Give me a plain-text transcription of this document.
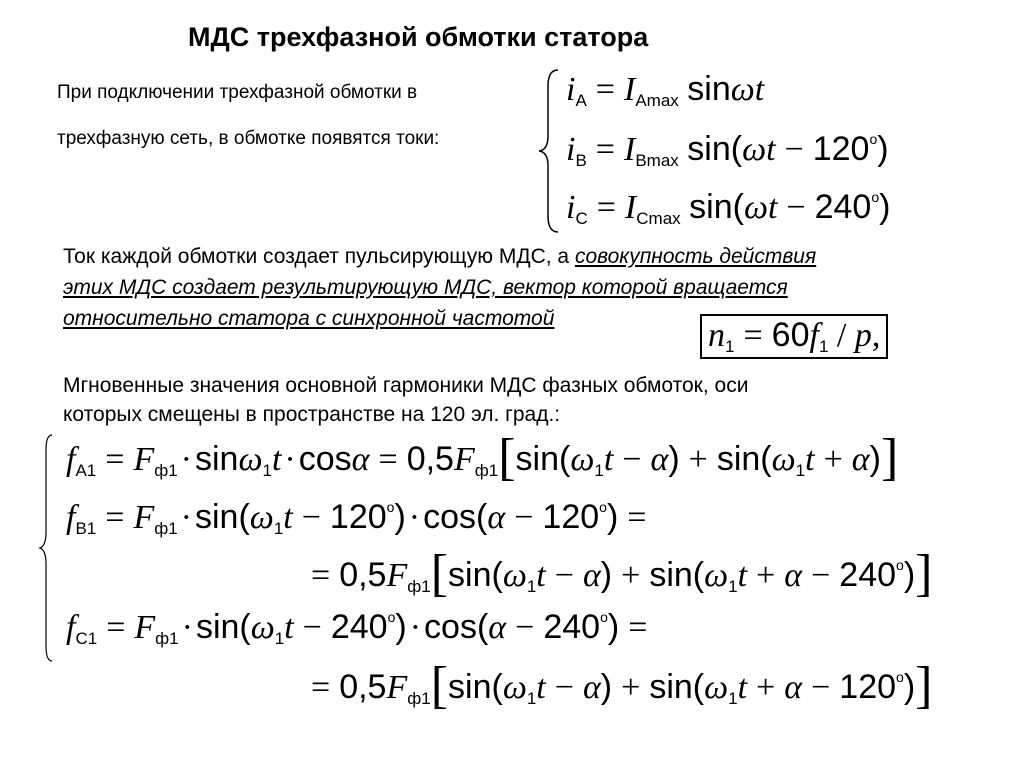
МДС трехфазной обмотки статора
При подключении трехфазной обмотки в
трехфазную сеть, в обмотке появятся токи:
$i_A = I_{Amax}$ sinωt
$i_B = I_{Bmax}$ $\sin(\omega t - 120^o)$
$i_C = I_{Cmax}$ $\sin(\omega t - 240^o)$
Ток каждой обмотки создает пульсирующую МДС, а совокупность действия
этих МДС создает результирующую МДС, вектор которой вращается
относительно статора с синхронной частотой	$n_1 = 60f_1 / p$,
Мгновенные значения основной гармоники МДС фазных обмоток, оси
которых смещены в пространстве на 120 эл. град.:
$f_{A1} = F_{ф1}\cdot\sin\omega_1t\cdot\cos\alpha = 0,5F_{ф1}[\sin(\omega_1t - \alpha) + \sin(\omega_1t + \alpha)]$
$f_{B1} = F_{ф1}\cdot\sin(\omega_1t - 120^o)\cdot\cos(\alpha - 120^o)$ =
= $0,5F_{ф1}[\sin(\omega_1t - \alpha) + \sin(\omega_1t + \alpha - 240^o)]$
$f_{C1} = F_{ф1}\cdot\sin(\omega_1t - 240^o)\cdot\cos(\alpha - 240^o)$ =
= $0,5F_{ф1}[\sin(\omega_1t - \alpha) + \sin(\omega_1t + \alpha - 120^o)]$
